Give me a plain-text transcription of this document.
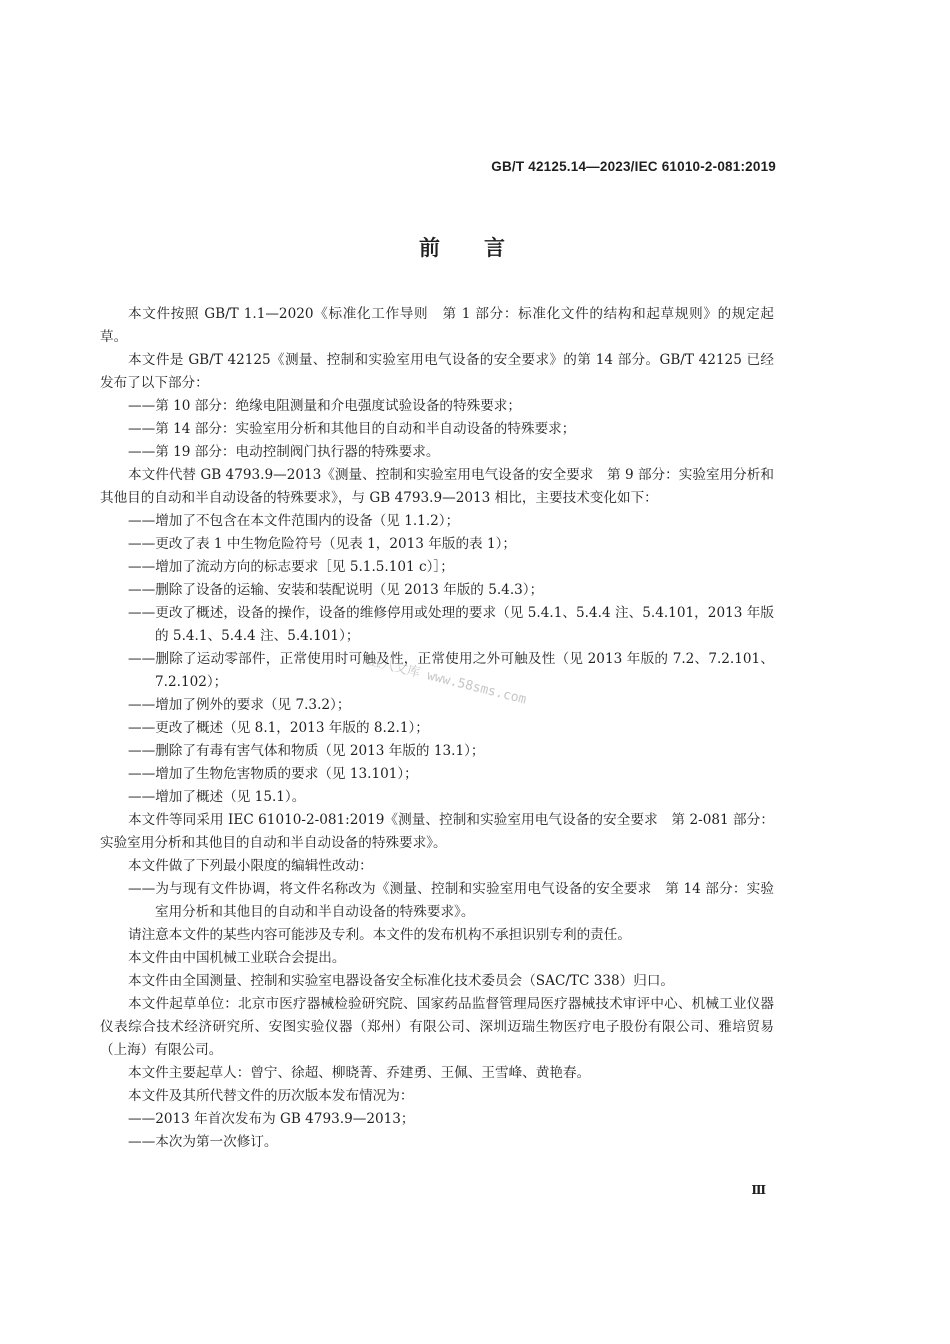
GB/T 42125.14—2023/IEC 61010-2-081:2019
前言

本文件按照 GB/T 1.1—2020《标准化工作导则　第 1 部分：标准化文件的结构和起草规则》的规定起草。

本文件是 GB/T 42125《测量、控制和实验室用电气设备的安全要求》的第 14 部分。GB/T 42125 已经发布了以下部分：

——第 10 部分：绝缘电阻测量和介电强度试验设备的特殊要求；

——第 14 部分：实验室用分析和其他目的自动和半自动设备的特殊要求；

——第 19 部分：电动控制阀门执行器的特殊要求。

本文件代替 GB 4793.9—2013《测量、控制和实验室用电气设备的安全要求　第 9 部分：实验室用分析和其他目的自动和半自动设备的特殊要求》，与 GB 4793.9—2013 相比，主要技术变化如下：

——增加了不包含在本文件范围内的设备（见 1.1.2）；

——更改了表 1 中生物危险符号（见表 1，2013 年版的表 1）；

——增加了流动方向的标志要求［见 5.1.5.101 c）］；

——删除了设备的运输、安装和装配说明（见 2013 年版的 5.4.3）；

——更改了概述，设备的操作，设备的维修停用或处理的要求（见 5.4.1、5.4.4 注、5.4.101，2013 年版的 5.4.1、5.4.4 注、5.4.101）；

——删除了运动零部件，正常使用时可触及性，正常使用之外可触及性（见 2013 年版的 7.2、7.2.101、7.2.102）；

——增加了例外的要求（见 7.3.2）；

——更改了概述（见 8.1，2013 年版的 8.2.1）；

——删除了有毒有害气体和物质（见 2013 年版的 13.1）；

——增加了生物危害物质的要求（见 13.101）；

——增加了概述（见 15.1）。

本文件等同采用 IEC 61010-2-081:2019《测量、控制和实验室用电气设备的安全要求　第 2-081 部分：实验室用分析和其他目的自动和半自动设备的特殊要求》。

本文件做了下列最小限度的编辑性改动：

——为与现有文件协调，将文件名称改为《测量、控制和实验室用电气设备的安全要求　第 14 部分：实验室用分析和其他目的自动和半自动设备的特殊要求》。

请注意本文件的某些内容可能涉及专利。本文件的发布机构不承担识别专利的责任。

本文件由中国机械工业联合会提出。

本文件由全国测量、控制和实验室电器设备安全标准化技术委员会（SAC/TC 338）归口。

本文件起草单位：北京市医疗器械检验研究院、国家药品监督管理局医疗器械技术审评中心、机械工业仪器仪表综合技术经济研究所、安图实验仪器（郑州）有限公司、深圳迈瑞生物医疗电子股份有限公司、雅培贸易（上海）有限公司。

本文件主要起草人：曾宁、徐超、柳晓菁、乔建勇、王佩、王雪峰、黄艳春。

本文件及其所代替文件的历次版本发布情况为：

——2013 年首次发布为 GB 4793.9—2013；

——本次为第一次修订。

五八文库 www.58sms.com
Ⅲ
